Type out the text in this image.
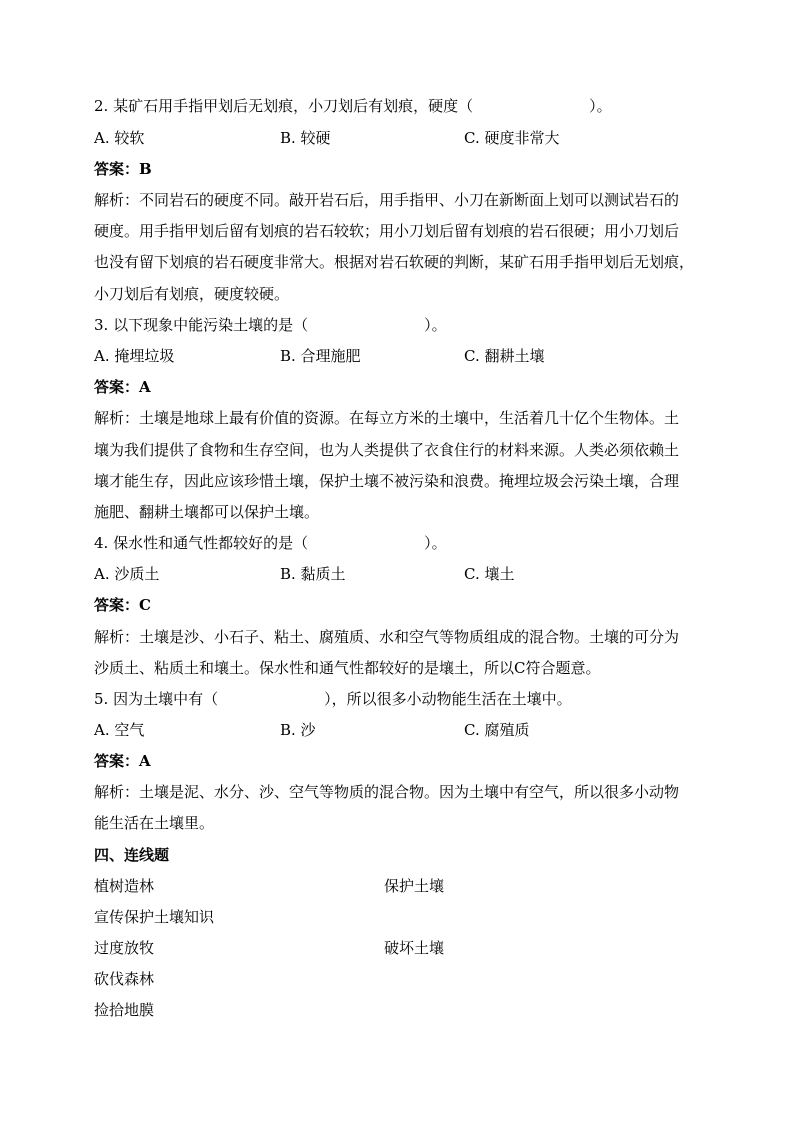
2. 某矿石用手指甲划后无划痕，小刀划后有划痕，硬度（	）。
A. 较软	B. 较硬	C. 硬度非常大
答案：B
解析：不同岩石的硬度不同。敲开岩石后，用手指甲、小刀在新断面上划可以测试岩石的
硬度。用手指甲划后留有划痕的岩石较软；用小刀划后留有划痕的岩石很硬；用小刀划后
也没有留下划痕的岩石硬度非常大。根据对岩石软硬的判断，某矿石用手指甲划后无划痕，
小刀划后有划痕，硬度较硬。
3. 以下现象中能污染土壤的是（	）。
A. 掩埋垃圾	B. 合理施肥	C. 翻耕土壤
答案：A
解析：土壤是地球上最有价值的资源。在每立方米的土壤中，生活着几十亿个生物体。土
壤为我们提供了食物和生存空间，也为人类提供了衣食住行的材料来源。人类必须依赖土
壤才能生存，因此应该珍惜土壤，保护土壤不被污染和浪费。掩埋垃圾会污染土壤，合理
施肥、翻耕土壤都可以保护土壤。
4. 保水性和通气性都较好的是（	）。
A. 沙质土	B. 黏质土	C. 壤土
答案：C
解析：土壤是沙、小石子、粘土、腐殖质、水和空气等物质组成的混合物。土壤的可分为
沙质土、粘质土和壤土。保水性和通气性都较好的是壤土，所以C符合题意。
5. 因为土壤中有（	），所以很多小动物能生活在土壤中。
A. 空气	B. 沙	C. 腐殖质
答案：A
解析：土壤是泥、水分、沙、空气等物质的混合物。因为土壤中有空气，所以很多小动物
能生活在土壤里。
四、连线题
植树造林	保护土壤
宣传保护土壤知识
过度放牧	破坏土壤
砍伐森林
捡拾地膜
